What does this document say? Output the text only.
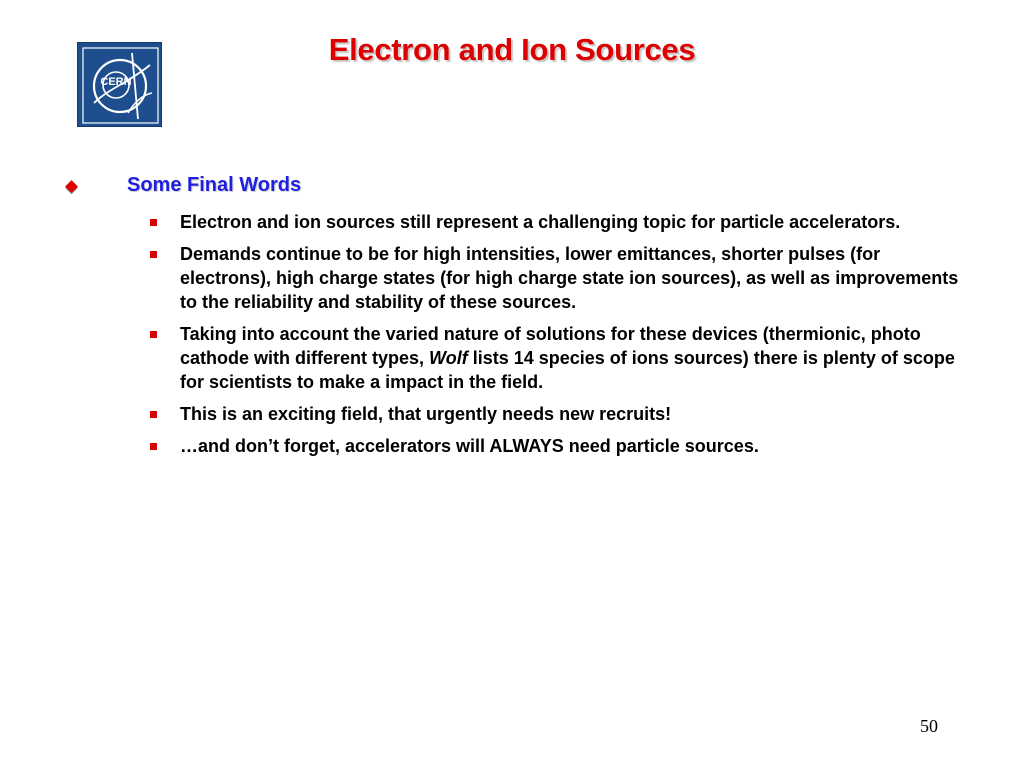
CERN
Electron and Ion Sources
Some Final Words
Electron and ion sources still represent a challenging topic for particle accelerators.
Demands continue to be for high intensities, lower emittances, shorter pulses (for electrons), high charge states (for high charge state ion sources), as well as improvements to the reliability and stability of these sources.
Taking into account the varied nature of solutions for these devices (thermionic, photo cathode with different types, Wolf lists 14 species of ions sources) there is plenty of scope for scientists to make a impact in the field.
This is an exciting field, that urgently needs new recruits!
…and don’t forget, accelerators will ALWAYS need particle sources.
50
